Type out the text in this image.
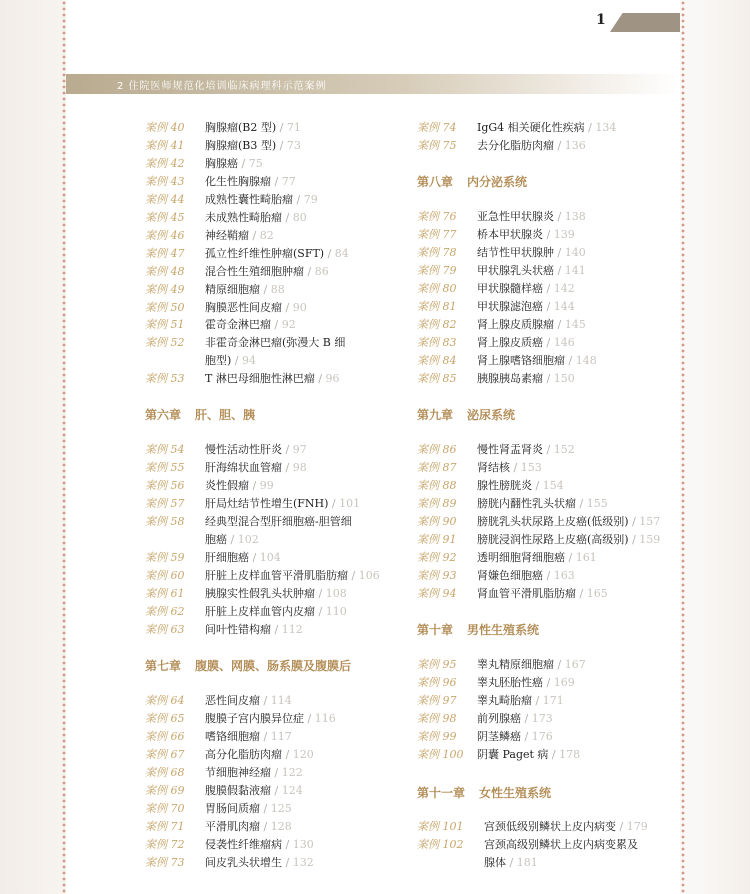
1
2 住院医师规范化培训临床病理科示范案例
案例 40 胸腺瘤(B2 型) / 71
案例 41 胸腺瘤(B3 型) / 73
案例 42 胸腺癌 / 75
案例 43 化生性胸腺瘤 / 77
案例 44 成熟性囊性畸胎瘤 / 79
案例 45 未成熟性畸胎瘤 / 80
案例 46 神经鞘瘤 / 82
案例 47 孤立性纤维性肿瘤(SFT) / 84
案例 48 混合性生殖细胞肿瘤 / 86
案例 49 精原细胞瘤 / 88
案例 50 胸膜恶性间皮瘤 / 90
案例 51 霍奇金淋巴瘤 / 92
案例 52 非霍奇金淋巴瘤(弥漫大 B 细
胞型) / 94
案例 53 T 淋巴母细胞性淋巴瘤 / 96
第六章 肝、胆、胰
案例 54 慢性活动性肝炎 / 97
案例 55 肝海绵状血管瘤 / 98
案例 56 炎性假瘤 / 99
案例 57 肝局灶结节性增生(FNH) / 101
案例 58 经典型混合型肝细胞癌-胆管细
胞癌 / 102
案例 59 肝细胞癌 / 104
案例 60 肝脏上皮样血管平滑肌脂肪瘤 / 106
案例 61 胰腺实性假乳头状肿瘤 / 108
案例 62 肝脏上皮样血管内皮瘤 / 110
案例 63 间叶性错构瘤 / 112
第七章 腹膜、网膜、肠系膜及腹膜后
案例 64 恶性间皮瘤 / 114
案例 65 腹膜子宫内膜异位症 / 116
案例 66 嗜铬细胞瘤 / 117
案例 67 高分化脂肪肉瘤 / 120
案例 68 节细胞神经瘤 / 122
案例 69 腹膜假黏液瘤 / 124
案例 70 胃肠间质瘤 / 125
案例 71 平滑肌肉瘤 / 128
案例 72 侵袭性纤维瘤病 / 130
案例 73 间皮乳头状增生 / 132
案例 74 IgG4 相关硬化性疾病 / 134
案例 75 去分化脂肪肉瘤 / 136
第八章 内分泌系统
案例 76 亚急性甲状腺炎 / 138
案例 77 桥本甲状腺炎 / 139
案例 78 结节性甲状腺肿 / 140
案例 79 甲状腺乳头状癌 / 141
案例 80 甲状腺髓样癌 / 142
案例 81 甲状腺滤泡癌 / 144
案例 82 肾上腺皮质腺瘤 / 145
案例 83 肾上腺皮质癌 / 146
案例 84 肾上腺嗜铬细胞瘤 / 148
案例 85 胰腺胰岛素瘤 / 150
第九章 泌尿系统
案例 86 慢性肾盂肾炎 / 152
案例 87 肾结核 / 153
案例 88 腺性膀胱炎 / 154
案例 89 膀胱内翻性乳头状瘤 / 155
案例 90 膀胱乳头状尿路上皮癌(低级别) / 157
案例 91 膀胱浸润性尿路上皮癌(高级别) / 159
案例 92 透明细胞肾细胞癌 / 161
案例 93 肾嫌色细胞癌 / 163
案例 94 肾血管平滑肌脂肪瘤 / 165
第十章 男性生殖系统
案例 95 睾丸精原细胞瘤 / 167
案例 96 睾丸胚胎性癌 / 169
案例 97 睾丸畸胎瘤 / 171
案例 98 前列腺癌 / 173
案例 99 阴茎鳞癌 / 176
案例 100 阴囊 Paget 病 / 178
第十一章 女性生殖系统
案例 101 宫颈低级别鳞状上皮内病变 / 179
案例 102 宫颈高级别鳞状上皮内病变累及
腺体 / 181
